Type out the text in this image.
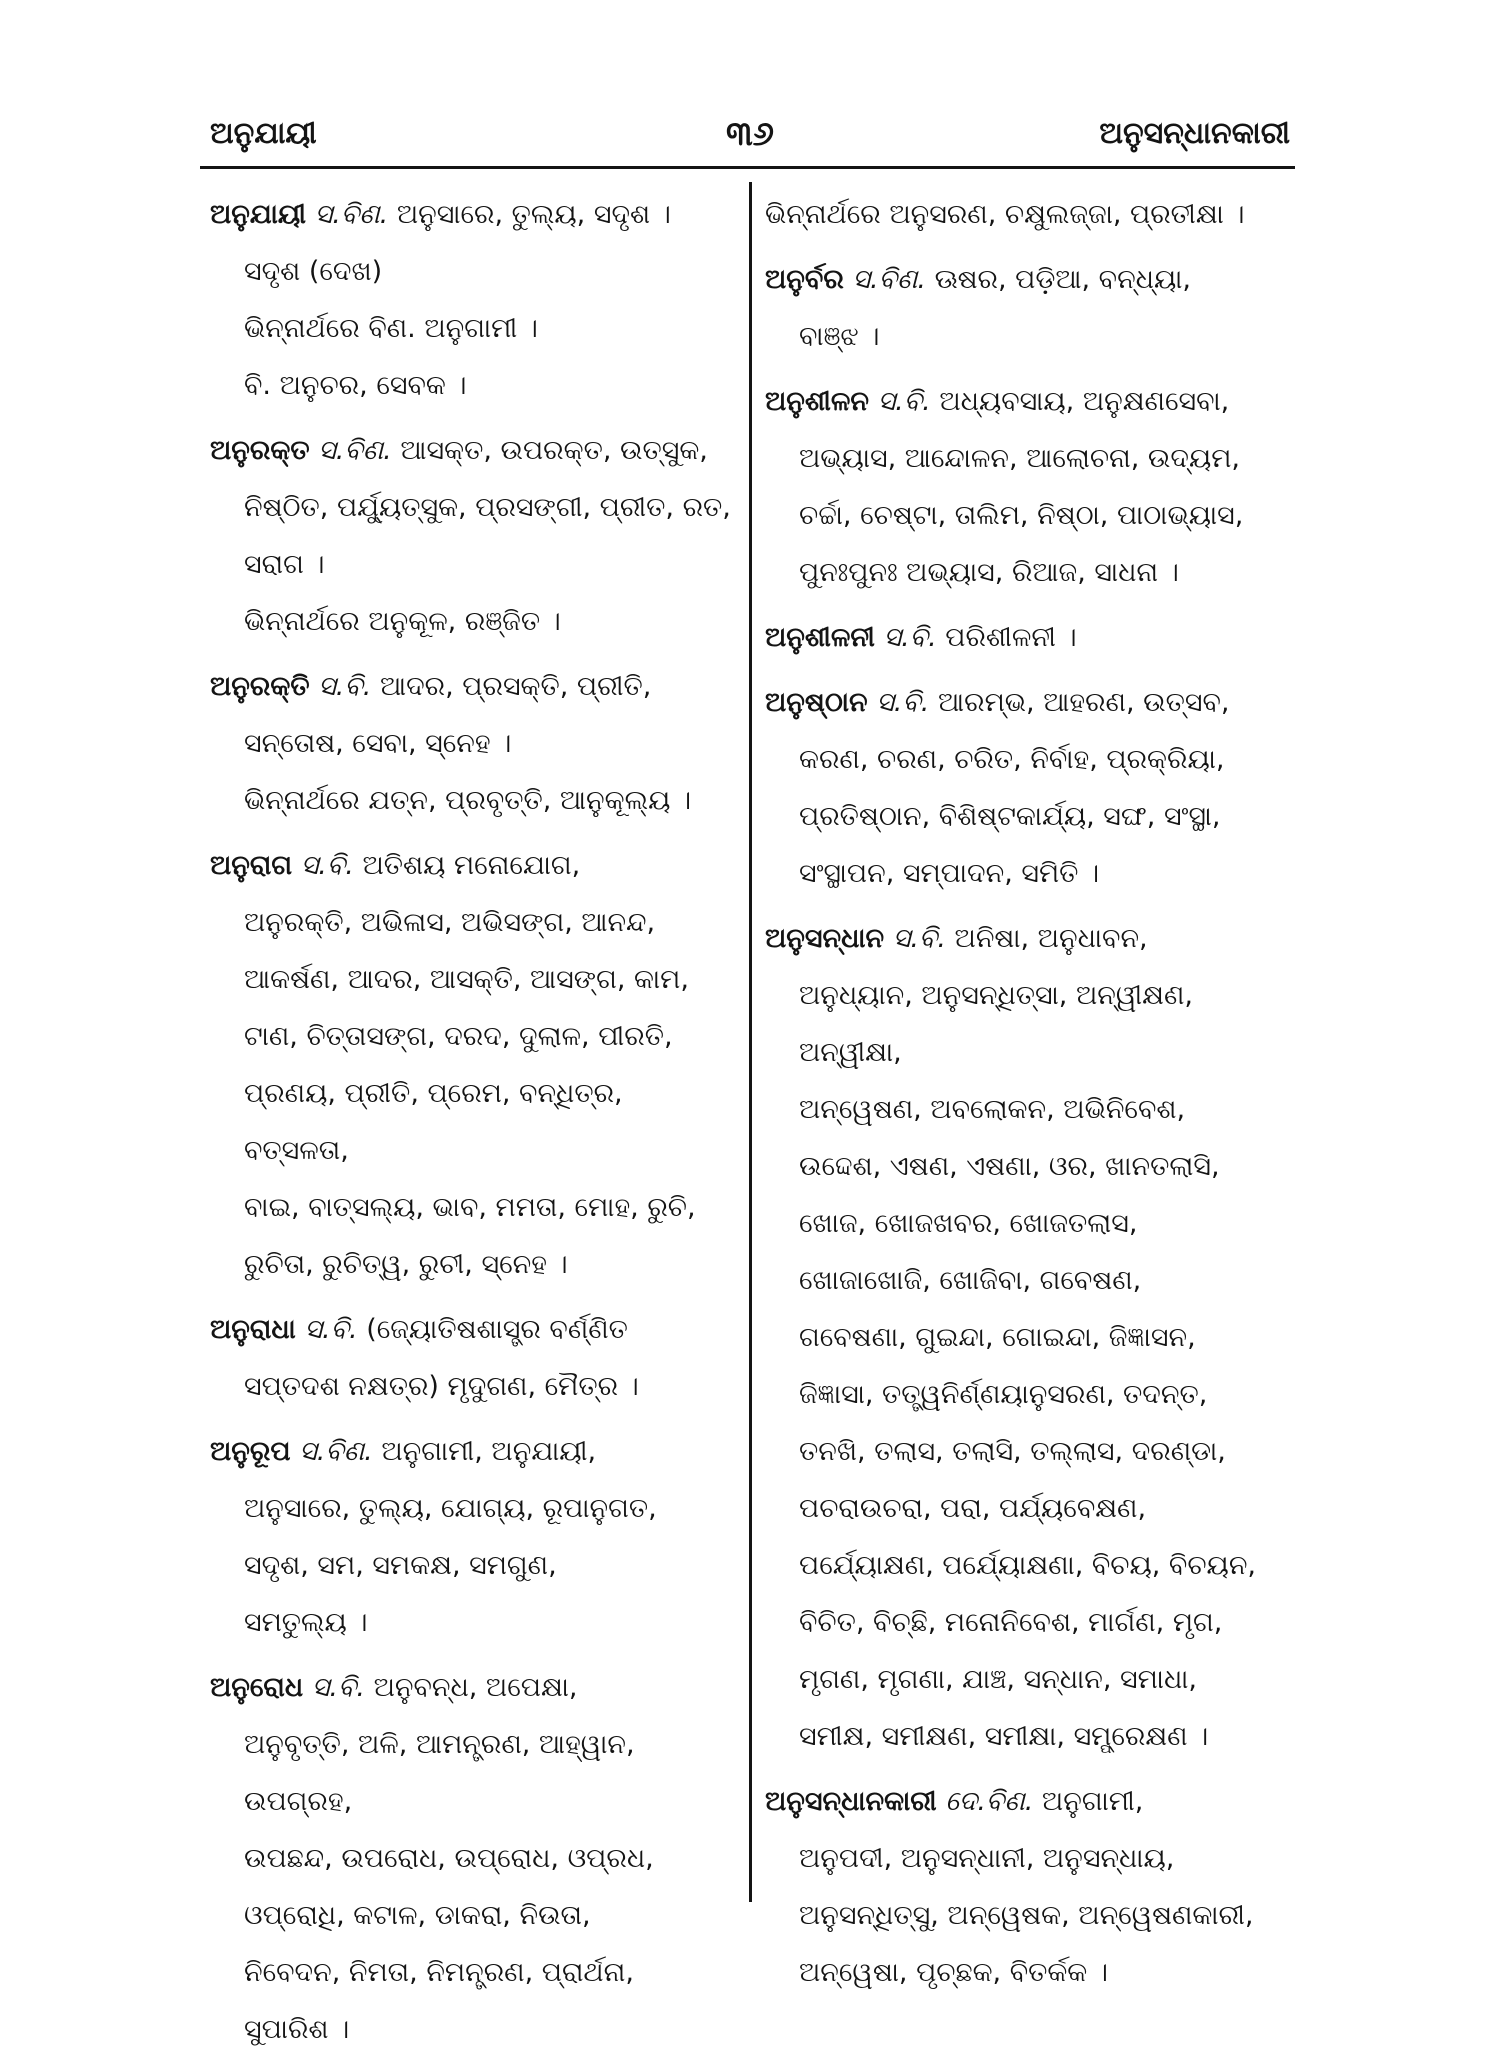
ଅନୁଯାୟୀ	୩୬	ଅନୁସନ୍ଧାନକାରୀ

ଅନୁଯାୟୀ ସ.ବିଣ. ଅନୁସାରେ, ତୁଲ୍ୟ, ସଦୃଶ ।

ସଦୃଶ (ଦେଖ)

ଭିନ୍ନାର୍ଥରେ ବିଣ. ଅନୁଗାମୀ ।

ବି. ଅନୁଚର, ସେବକ ।

ଅନୁରକ୍ତ ସ.ବିଣ. ଆସକ୍ତ, ଉପରକ୍ତ, ଉତ୍ସୁକ,

ନିଷ୍ଠିତ, ପର୍ଯ୍ୟୁତ୍ସୁକ, ପ୍ରସଙ୍ଗୀ, ପ୍ରୀତ, ରତ,

ସରାଗ ।

ଭିନ୍ନାର୍ଥରେ ଅନୁକୂଳ, ରଞ୍ଜିତ ।

ଅନୁରକ୍ତି ସ.ବି. ଆଦର, ପ୍ରସକ୍ତି, ପ୍ରୀତି,

ସନ୍ତୋଷ, ସେବା, ସ୍ନେହ ।

ଭିନ୍ନାର୍ଥରେ ଯତ୍ନ, ପ୍ରବୃତ୍ତି, ଆନୁକୂଲ୍ୟ ।

ଅନୁରାଗ ସ.ବି. ଅତିଶୟ ମନୋଯୋଗ,

ଅନୁରକ୍ତି, ଅଭିଳାସ, ଅଭିସଙ୍ଗ, ଆନନ୍ଦ,

ଆକର୍ଷଣ, ଆଦର, ଆସକ୍ତି, ଆସଙ୍ଗ, କାମ,

ଟାଣ, ଚିତ୍ତାସଙ୍ଗ, ଦରଦ, ଦୁଲାଳ, ପୀରତି,

ପ୍ରଣୟ, ପ୍ରୀତି, ପ୍ରେମ, ବନ୍ଧିତ୍ର, ବତ୍ସଳତା,

ବାଇ, ବାତ୍ସଲ୍ୟ, ଭାବ, ମମତା, ମୋହ, ରୁଚି,

ରୁଚିତା, ରୁଚିତ୍ୱ, ରୁଚୀ, ସ୍ନେହ ।

ଅନୁରାଧା ସ.ବି. (ଜ୍ୟୋତିଷଶାସ୍ତ୍ର ବର୍ଣ୍ଣିତ

ସପ୍ତଦଶ ନକ୍ଷତ୍ର) ମୃଦୁଗଣ, ମୈତ୍ର ।

ଅନୁରୂପ ସ.ବିଣ. ଅନୁଗାମୀ, ଅନୁଯାୟୀ,

ଅନୁସାରେ, ତୁଲ୍ୟ, ଯୋଗ୍ୟ, ରୂପାନୁଗତ,

ସଦୃଶ, ସମ, ସମକକ୍ଷ, ସମଗୁଣ,

ସମତୁଲ୍ୟ ।

ଅନୁରୋଧ ସ.ବି. ଅନୁବନ୍ଧ, ଅପେକ୍ଷା,

ଅନୁବୃତ୍ତି, ଅଳି, ଆମନ୍ତ୍ରଣ, ଆହ୍ୱାନ, ଉପଗ୍ରହ,

ଉପଛନ୍ଦ, ଉପରୋଧ, ଉପ୍ରୋଧ, ଓପ୍ରଧ,

ଓପ୍ରୋଧି, କଟାଳ, ଡାକରା, ନିଉତା,

ନିବେଦନ, ନିମତା, ନିମନ୍ତ୍ରଣ, ପ୍ରାର୍ଥନା,

ସୁପାରିଶ ।

ଭିନ୍ନାର୍ଥରେ ଅନୁସରଣ, ଚକ୍ଷୁଲଜ୍ଜା, ପ୍ରତୀକ୍ଷା ।

ଅନୁର୍ବର ସ.ବିଣ. ଊଷର, ପଡ଼ିଆ, ବନ୍ଧ୍ୟା,

ବାଞ୍ଝ ।

ଅନୁଶୀଳନ ସ.ବି. ଅଧ୍ୟବସାୟ, ଅନୁକ୍ଷଣସେବା,

ଅଭ୍ୟାସ, ଆନ୍ଦୋଳନ, ଆଲୋଚନା, ଉଦ୍ୟମ,

ଚର୍ଚ୍ଚା, ଚେଷ୍ଟା, ତାଲିମ, ନିଷ୍ଠା, ପାଠାଭ୍ୟାସ,

ପୁନଃପୁନଃ ଅଭ୍ୟାସ, ରିଆଜ, ସାଧନା ।

ଅନୁଶୀଳନୀ ସ.ବି. ପରିଶୀଳନୀ ।

ଅନୁଷ୍ଠାନ ସ.ବି. ଆରମ୍ଭ, ଆହରଣ, ଉତ୍ସବ,

କରଣ, ଚରଣ, ଚରିତ, ନିର୍ବାହ, ପ୍ରକ୍ରିୟା,

ପ୍ରତିଷ୍ଠାନ, ବିଶିଷ୍ଟକାର୍ଯ୍ୟ, ସଙ୍ଘ, ସଂସ୍ଥା,

ସଂସ୍ଥାପନ, ସମ୍ପାଦନ, ସମିତି ।

ଅନୁସନ୍ଧାନ ସ.ବି. ଅନିଷା, ଅନୁଧାବନ,

ଅନୁଧ୍ୟାନ, ଅନୁସନ୍ଧିତ୍ସା, ଅନ୍ୱୀକ୍ଷଣ, ଅନ୍ୱୀକ୍ଷା,

ଅନ୍ୱେଷଣ, ଅବଲୋକନ, ଅଭିନିବେଶ,

ଉଦ୍ଦେଶ, ଏଷଣ, ଏଷଣା, ଓର, ଖାନତଲାସି,

ଖୋଜ, ଖୋଜଖବର, ଖୋଜତଲାସ,

ଖୋଜାଖୋଜି, ଖୋଜିବା, ଗବେଷଣ,

ଗବେଷଣା, ଗୁଇନ୍ଦା, ଗୋଇନ୍ଦା, ଜିଜ୍ଞାସନ,

ଜିଜ୍ଞାସା, ତତ୍ତ୍ୱନିର୍ଣ୍ଣୟାନୁସରଣ, ତଦନ୍ତ,

ତନଖି, ତଲାସ, ତଲାସି, ତଲ୍ଲାସ, ଦରଣ୍ଡା,

ପଚରାଉଚରା, ପରା, ପର୍ଯ୍ୟବେକ୍ଷଣ,

ପର୍ଯ୍ୟୋକ୍ଷଣ, ପର୍ଯ୍ୟୋକ୍ଷଣା, ବିଚୟ, ବିଚୟନ,

ବିଚିତ, ବିଚ୍ଛି, ମନୋନିବେଶ, ମାର୍ଗଣ, ମୃଗ,

ମୃଗଣ, ମୃଗଣା, ଯାଞ୍ଚ, ସନ୍ଧାନ, ସମାଧା,

ସମୀକ୍ଷ, ସମୀକ୍ଷଣ, ସମୀକ୍ଷା, ସମ୍ପ୍ରେକ୍ଷଣ ।

ଅନୁସନ୍ଧାନକାରୀ ଦେ.ବିଣ. ଅନୁଗାମୀ,

ଅନୁପଦୀ, ଅନୁସନ୍ଧାନୀ, ଅନୁସନ୍ଧାୟ,

ଅନୁସନ୍ଧିତ୍ସୁ, ଅନ୍ୱେଷକ, ଅନ୍ୱେଷଣକାରୀ,

ଅନ୍ୱେଷା, ପୃଚ୍ଛକ, ବିତର୍କକ ।
